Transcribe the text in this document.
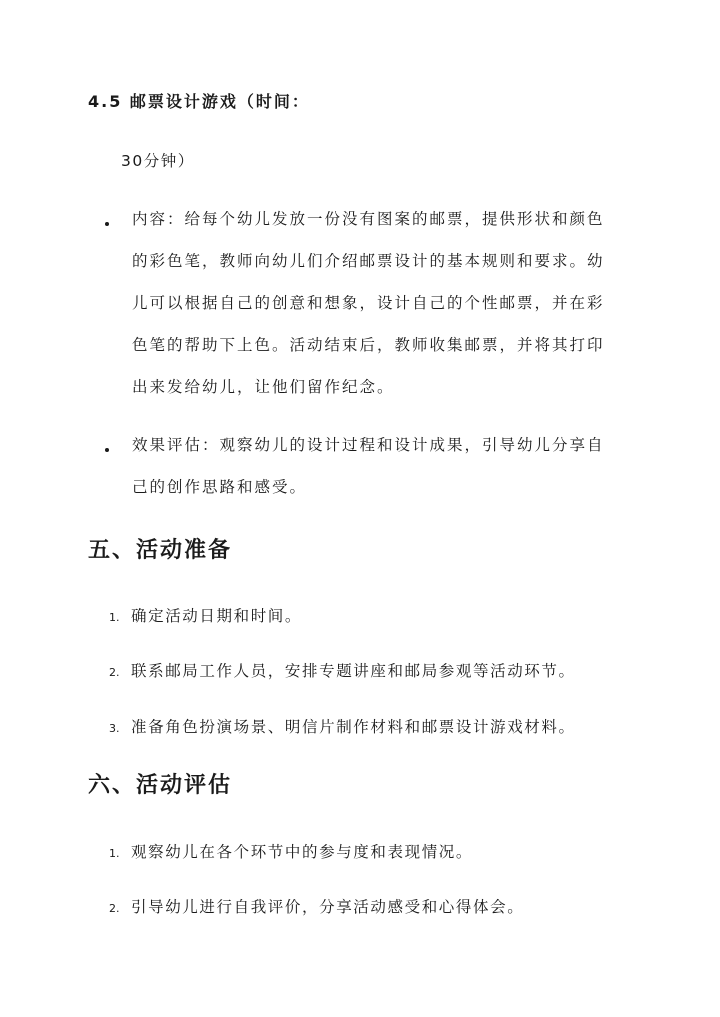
4.5 邮票设计游戏（时间：
30分钟）
内容：给每个幼儿发放一份没有图案的邮票，提供形状和颜色的彩色笔，教师向幼儿们介绍邮票设计的基本规则和要求。幼儿可以根据自己的创意和想象，设计自己的个性邮票，并在彩色笔的帮助下上色。活动结束后，教师收集邮票，并将其打印出来发给幼儿，让他们留作纪念。
效果评估：观察幼儿的设计过程和设计成果，引导幼儿分享自己的创作思路和感受。
五、活动准备
1. 确定活动日期和时间。
2. 联系邮局工作人员，安排专题讲座和邮局参观等活动环节。
3. 准备角色扮演场景、明信片制作材料和邮票设计游戏材料。
六、活动评估
1. 观察幼儿在各个环节中的参与度和表现情况。
2. 引导幼儿进行自我评价，分享活动感受和心得体会。
